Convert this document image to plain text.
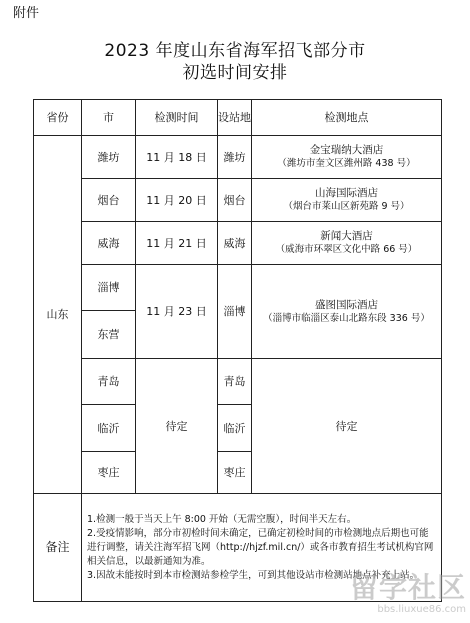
附件
2023 年度山东省海军招飞部分市
初选时间安排
省份	市	检测时间	设站地	检测地点
山东	潍坊	11 月 18 日	潍坊	金宝瑞纳大酒店
（潍坊市奎文区潍州路 438 号）

	烟台	11 月 20 日	烟台	山海国际酒店
（烟台市莱山区新苑路 9 号）

	威海	11 月 21 日	威海	新闻大酒店
（威海市环翠区文化中路 66 号）

	淄博	11 月 23 日	淄博	盛图国际酒店
（淄博市临淄区泰山北路东段 336 号）

	东营			
	青岛	待定	青岛	待定
	临沂		临沂	
	枣庄		枣庄	
备注	1.检测一般于当天上午 8:00 开始（无需空腹），时间半天左右。
2.受疫情影响，部分市初检时间未确定，已确定初检时间的市检测地点后期也可能进行调整，请关注海军招飞网（http://hjzf.mil.cn/）或各市教育招生考试机构官网相关信息，以最新通知为准。
3.因故未能按时到本市检测站参检学生，可到其他设站市检测站地点补充上站。			
留学社区
bbs.liuxue86.com
